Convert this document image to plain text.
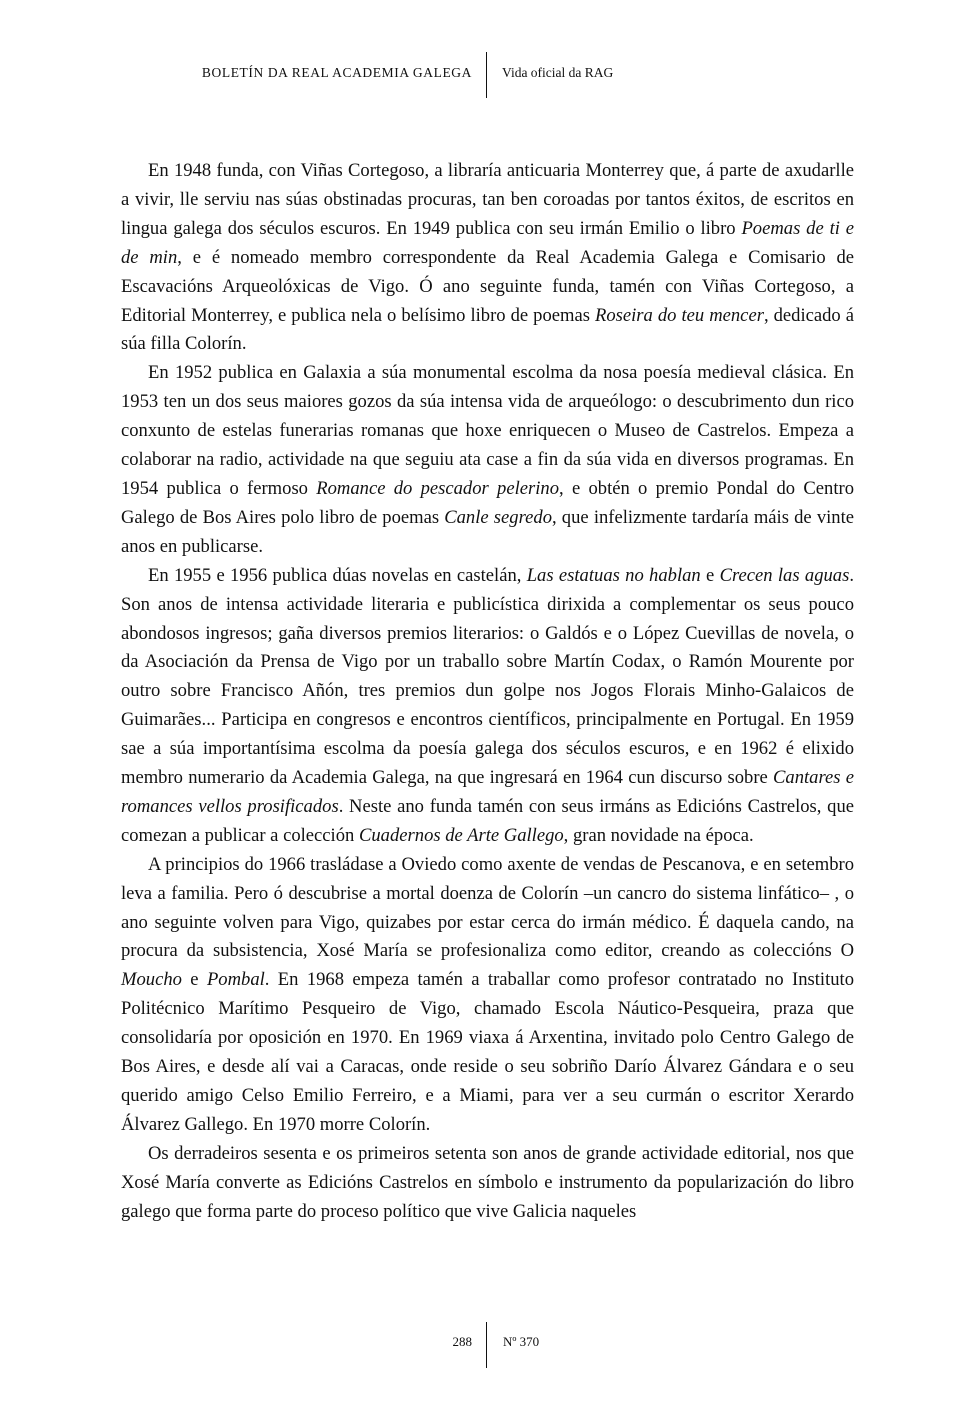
BOLETÍN DA REAL ACADEMIA GALEGA Vida oficial da RAG

En 1948 funda, con Viñas Cortegoso, a libraría anticuaria Monterrey que, á parte de axudarlle a vivir, lle serviu nas súas obstinadas procuras, tan ben coroadas por tantos éxitos, de escritos en lingua galega dos séculos escuros. En 1949 publica con seu irmán Emilio o libro Poemas de ti e de min, e é nomeado membro correspondente da Real Academia Galega e Comisario de Escavacións Arqueolóxicas de Vigo. Ó ano seguinte funda, tamén con Viñas Cortegoso, a Editorial Monterrey, e publica nela o belísimo libro de poemas Roseira do teu mencer, dedicado á súa filla Colorín.

En 1952 publica en Galaxia a súa monumental escolma da nosa poesía medieval clásica. En 1953 ten un dos seus maiores gozos da súa intensa vida de arqueólogo: o descubrimento dun rico conxunto de estelas funerarias romanas que hoxe enriquecen o Museo de Castrelos. Empeza a colaborar na radio, actividade na que seguiu ata case a fin da súa vida en diversos programas. En 1954 publica o fermoso Romance do pescador pelerino, e obtén o premio Pondal do Centro Galego de Bos Aires polo libro de poemas Canle segredo, que infelizmente tardaría máis de vinte anos en publicarse.

En 1955 e 1956 publica dúas novelas en castelán, Las estatuas no hablan e Crecen las aguas. Son anos de intensa actividade literaria e publicística dirixida a complementar os seus pouco abondosos ingresos; gaña diversos premios literarios: o Galdós e o López Cuevillas de novela, o da Asociación da Prensa de Vigo por un traballo sobre Martín Codax, o Ramón Mourente por outro sobre Francisco Añón, tres premios dun golpe nos Jogos Florais Minho-Galaicos de Guimarães... Participa en congresos e encontros científicos, principalmente en Portugal. En 1959 sae a súa importantísima escolma da poesía galega dos séculos escuros, e en 1962 é elixido membro numerario da Academia Galega, na que ingresará en 1964 cun discurso sobre Cantares e romances vellos prosificados. Neste ano funda tamén con seus irmáns as Edicións Castrelos, que comezan a publicar a colección Cuadernos de Arte Gallego, gran novidade na época.

A principios do 1966 trasládase a Oviedo como axente de vendas de Pescanova, e en setembro leva a familia. Pero ó descubrise a mortal doenza de Colorín –un cancro do sistema linfático– , o ano seguinte volven para Vigo, quizabes por estar cerca do irmán médico. É daquela cando, na procura da subsistencia, Xosé María se profesionaliza como editor, creando as coleccións O Moucho e Pombal. En 1968 empeza tamén a traballar como profesor contratado no Instituto Politécnico Marítimo Pesqueiro de Vigo, chamado Escola Náutico-Pesqueira, praza que consolidaría por oposición en 1970. En 1969 viaxa á Arxentina, invitado polo Centro Galego de Bos Aires, e desde alí vai a Caracas, onde reside o seu sobriño Darío Álvarez Gándara e o seu querido amigo Celso Emilio Ferreiro, e a Miami, para ver a seu curmán o escritor Xerardo Álvarez Gallego. En 1970 morre Colorín.

Os derradeiros sesenta e os primeiros setenta son anos de grande actividade editorial, nos que Xosé María converte as Edicións Castrelos en símbolo e instrumento da popularización do libro galego que forma parte do proceso político que vive Galicia naqueles

288 Nº 370
